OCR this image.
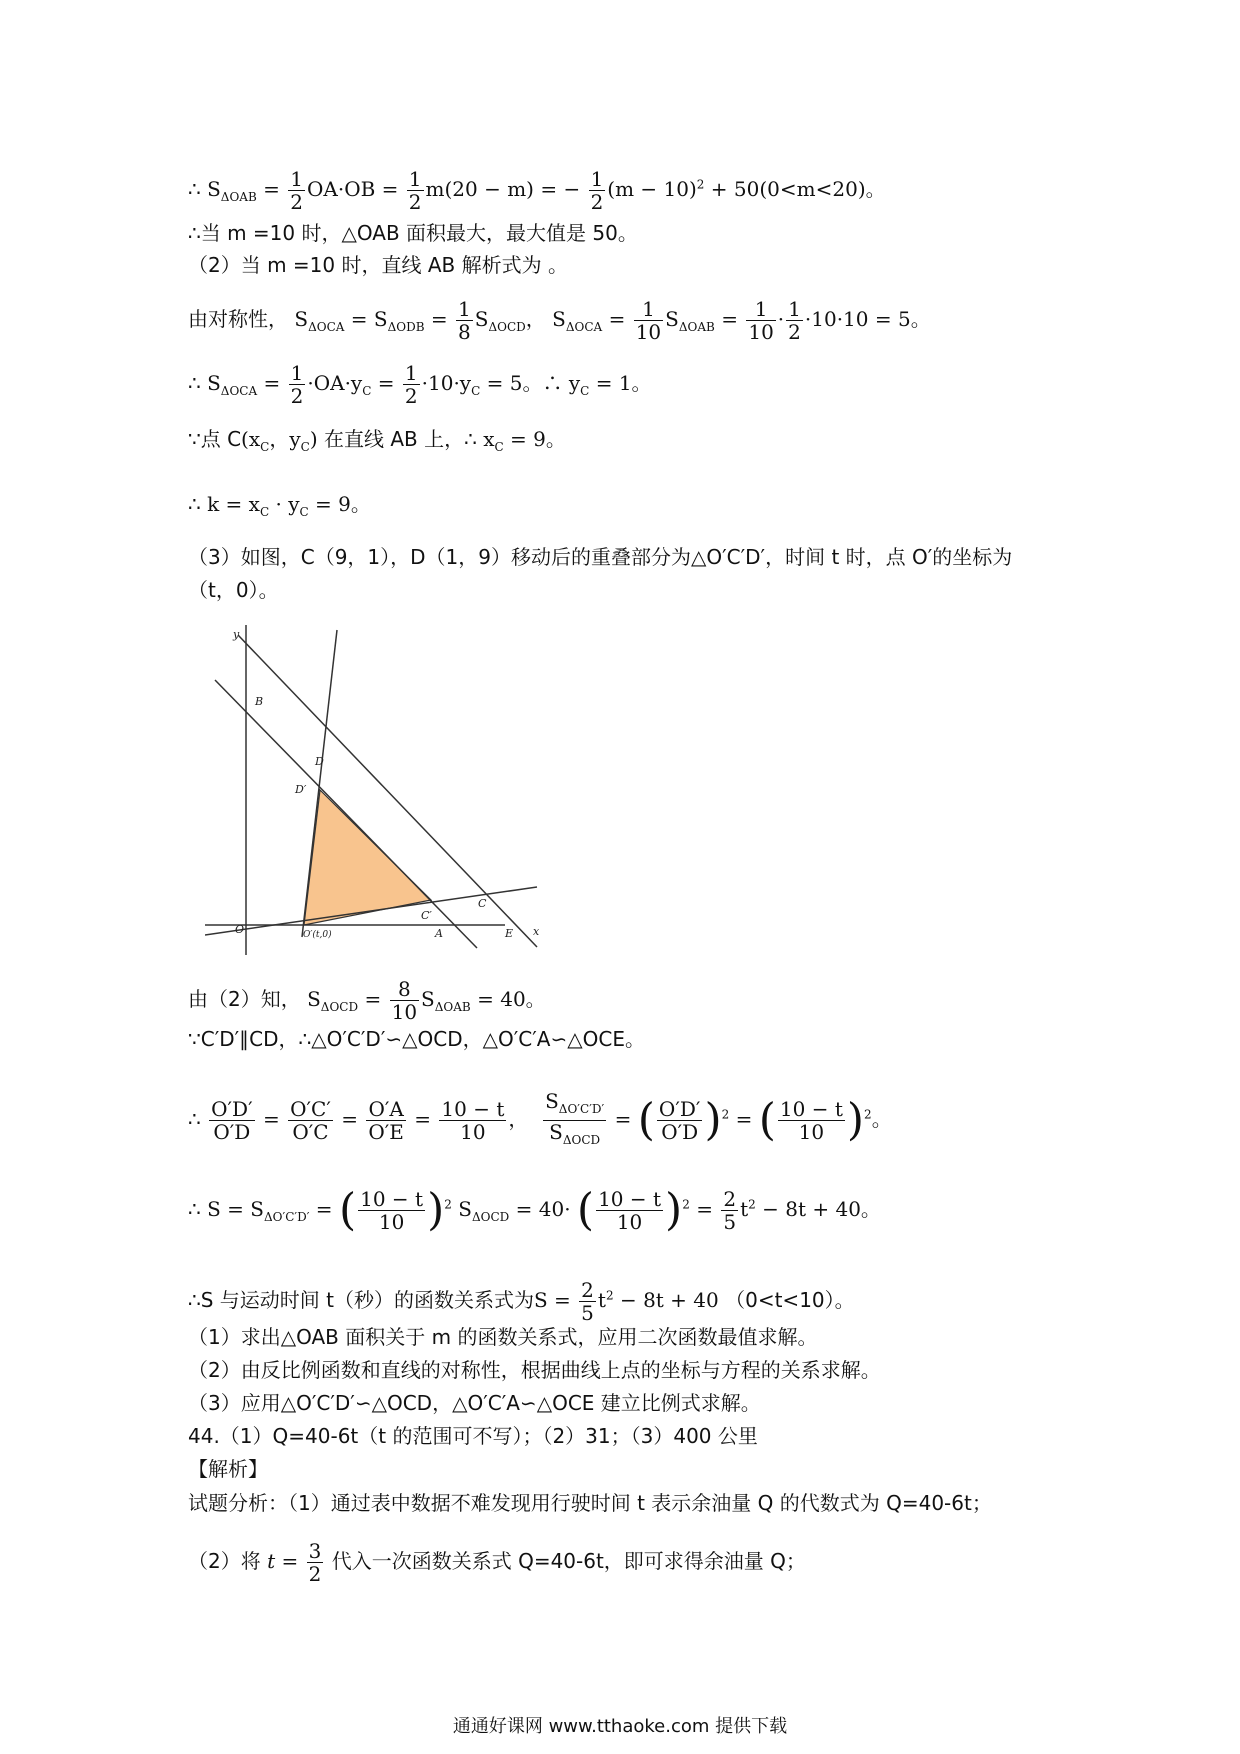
∴ $S_{\Delta OAB} = \frac{1}{2} OA\cdot OB = \frac{1}{2} m(20 - m)$ = − $\frac{1}{2} (m - 10)^2 + 50(0<m<20)$。
∴当 m =10 时，△OAB 面积最大，最大值是 50。
（2）当 m =10 时，直线 AB 解析式为 。
由对称性， $S_{\Delta OCA} = S_{\Delta ODB} = \frac{1}{8} S_{\Delta OCD}$， $S_{\Delta OCA} = \frac{1}{10} S_{\Delta OAB} = \frac{1}{10} \cdot \frac{1}{2} \cdot 10\cdot 10 = 5$。
∴ $S_{\Delta OCA} = \frac{1}{2} \cdot OA\cdot y_C = \frac{1}{2} \cdot 10\cdot y_C = 5$。∴ $y_C = 1$。
∵点 $C(x_C$，$y_C$) 在直线 AB 上，∴ $x_C = 9$。
∴ $k = x_C \cdot y_C = 9$。
（3）如图，C（9，1），D（1，9）移动后的重叠部分为△O′C′D′，时间 t 时，点 O′的坐标为
（t，0）。
y
B
D
D′
O	O′(t,0)
C′
A
C
E x
由（2）知， $S_{\Delta OCD} = \frac{8}{10} S_{\Delta OAB} = 40$。
∵C′D′∥CD，∴△O′C′D′∽△OCD，△O′C′A∽△OCE。
∴ $\frac{O'D'}{O'D} = \frac{O'C'}{O'C} = \frac{O'A}{O'E} = \frac{10 - t}{10}$ ， $\frac{S_{\Delta O'C'D'}}{S_{\Delta OCD}}$ = ( $\frac{O'D'}{O'D} )^2$ = ( $\frac{10 - t}{10} )^2$。
∴ $S = S_{\Delta O'C'D'}$ = ( $\frac{10 - t}{10} )^2$ $S_{\Delta OCD} = 40\cdot$ ( $\frac{10 - t}{10} )^2 = \frac{2}{5} t^2 - 8t + 40$。
∴S 与运动时间 t（秒）的函数关系式为$S = \frac{2}{5} t^2 - 8t + 40$ （0<t<10）。
（1）求出△OAB 面积关于 m 的函数关系式，应用二次函数最值求解。
（2）由反比例函数和直线的对称性，根据曲线上点的坐标与方程的关系求解。
（3）应用△O′C′D′∽△OCD，△O′C′A∽△OCE 建立比例式求解。
44.（1）Q=40-6t（t 的范围可不写）；（2）31；（3）400 公里
【解析】
试题分析：（1）通过表中数据不难发现用行驶时间 t 表示余油量 Q 的代数式为 Q=40-6t；
（2）将 $t = \frac{3}{2}$ 代入一次函数关系式 Q=40-6t，即可求得余油量 Q；
通通好课网 www.tthaoke.com 提供下载
